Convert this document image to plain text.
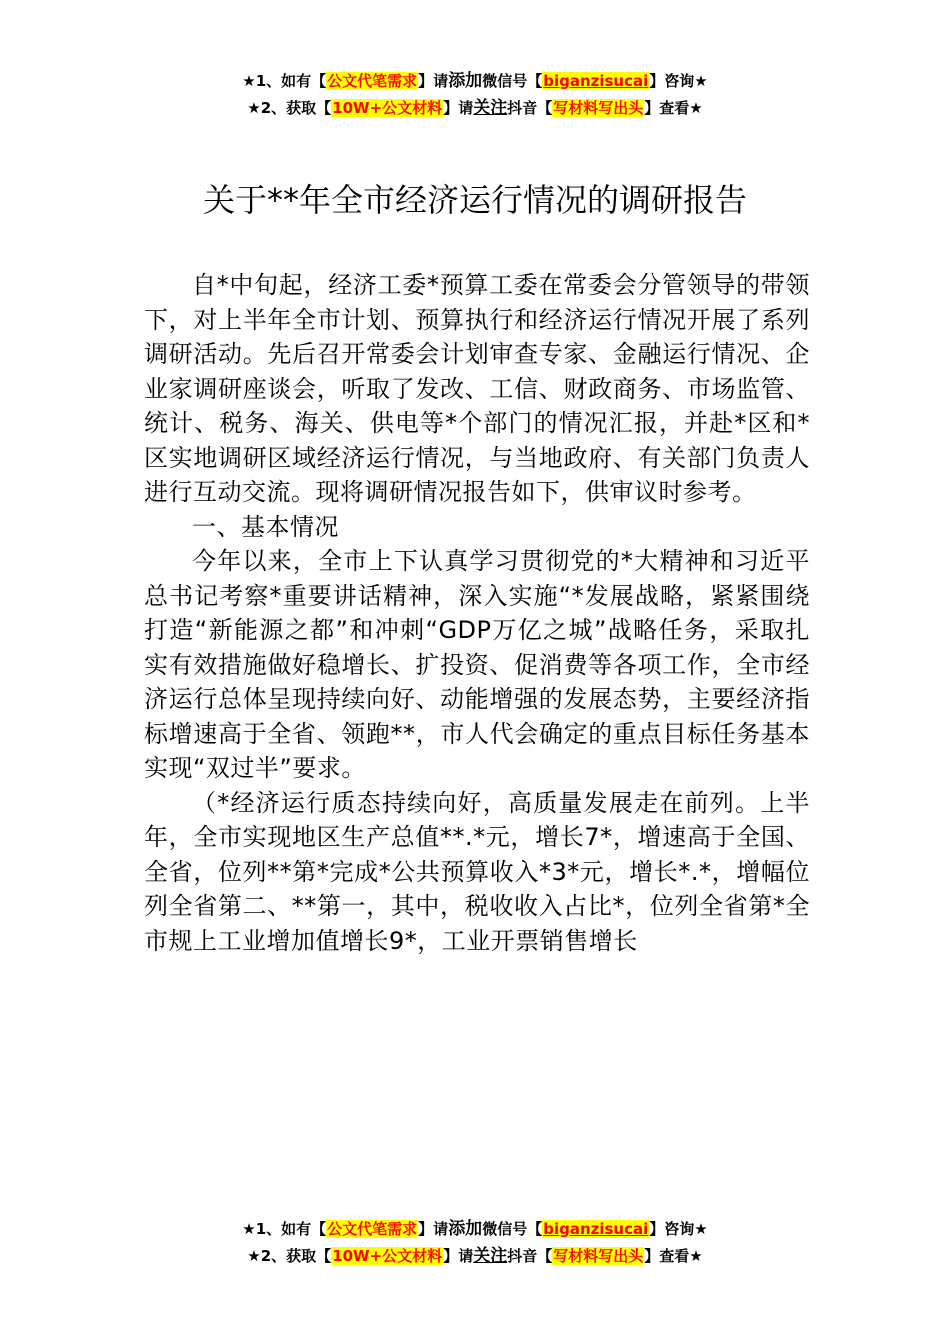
★1、如有【公文代笔需求】请添加微信号【biganzisucai】咨询★
★2、获取【10W+公文材料】请关注抖音【写材料写出头】查看★
关于**年全市经济运行情况的调研报告

自*中旬起，经济工委*预算工委在常委会分管领导的带领下，对上半年全市计划、预算执行和经济运行情况开展了系列调研活动。先后召开常委会计划审查专家、金融运行情况、企业家调研座谈会，听取了发改、工信、财政商务、市场监管、统计、税务、海关、供电等*个部门的情况汇报，并赴*区和*区实地调研区域经济运行情况，与当地政府、有关部门负责人进行互动交流。现将调研情况报告如下，供审议时参考。

一、基本情况

今年以来，全市上下认真学习贯彻党的*大精神和习近平总书记考察*重要讲话精神，深入实施“*发展战略，紧紧围绕打造“新能源之都”和冲刺“GDP万亿之城”战略任务，采取扎实有效措施做好稳增长、扩投资、促消费等各项工作，全市经济运行总体呈现持续向好、动能增强的发展态势，主要经济指标增速高于全省、领跑**，市人代会确定的重点目标任务基本实现“双过半”要求。

（*经济运行质态持续向好，高质量发展走在前列。上半年，全市实现地区生产总值**.*元，增长7*，增速高于全国、全省，位列**第*完成*公共预算收入*3*元，增长*.*，增幅位列全省第二、**第一，其中，税收收入占比*，位列全省第*全市规上工业增加值增长9*，工业开票销售增长

★1、如有【公文代笔需求】请添加微信号【biganzisucai】咨询★
★2、获取【10W+公文材料】请关注抖音【写材料写出头】查看★
